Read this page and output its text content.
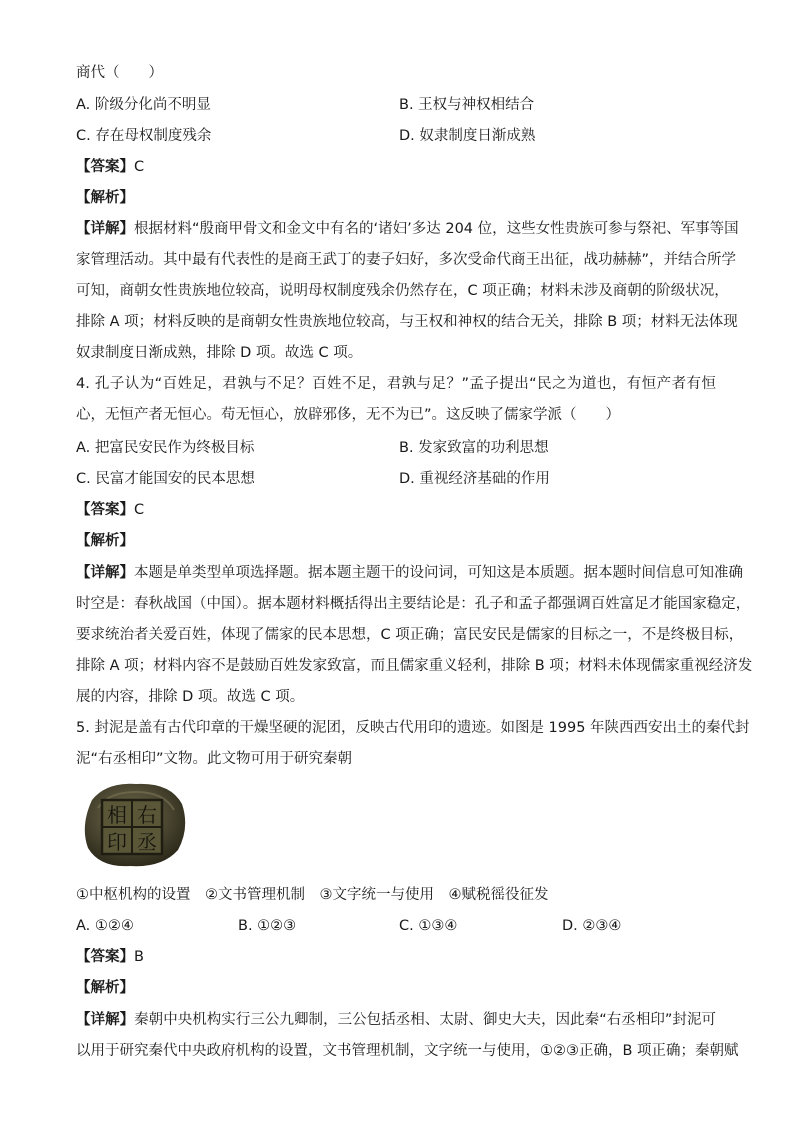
商代（　　）
A. 阶级分化尚不明显	B. 王权与神权相结合
C. 存在母权制度残余	D. 奴隶制度日渐成熟
【答案】C
【解析】
【详解】根据材料“殷商甲骨文和金文中有名的‘诸妇’多达 204 位，这些女性贵族可参与祭祀、军事等国
家管理活动。其中最有代表性的是商王武丁的妻子妇好，多次受命代商王出征，战功赫赫”，并结合所学
可知，商朝女性贵族地位较高，说明母权制度残余仍然存在，C 项正确；材料未涉及商朝的阶级状况，
排除 A 项；材料反映的是商朝女性贵族地位较高，与王权和神权的结合无关，排除 B 项；材料无法体现
奴隶制度日渐成熟，排除 D 项。故选 C 项。
4. 孔子认为“百姓足，君孰与不足？百姓不足，君孰与足？”孟子提出“民之为道也，有恒产者有恒
心，无恒产者无恒心。苟无恒心，放辟邪侈，无不为已”。这反映了儒家学派（　　）
A. 把富民安民作为终极目标	B. 发家致富的功利思想
C. 民富才能国安的民本思想	D. 重视经济基础的作用
【答案】C
【解析】
【详解】本题是单类型单项选择题。据本题主题干的设问词，可知这是本质题。据本题时间信息可知准确
时空是：春秋战国（中国）。据本题材料概括得出主要结论是：孔子和孟子都强调百姓富足才能国家稳定，
要求统治者关爱百姓，体现了儒家的民本思想，C 项正确；富民安民是儒家的目标之一，不是终极目标，
排除 A 项；材料内容不是鼓励百姓发家致富，而且儒家重义轻利，排除 B 项；材料未体现儒家重视经济发
展的内容，排除 D 项。故选 C 项。
5. 封泥是盖有古代印章的干燥坚硬的泥团，反映古代用印的遗迹。如图是 1995 年陕西西安出土的秦代封
泥“右丞相印”文物。此文物可用于研究秦朝
右
丞
相
印
①中枢机构的设置　②文书管理机制　③文字统一与使用　④赋税徭役征发
A. ①②④	B. ①②③	C. ①③④	D. ②③④
【答案】B
【解析】
【详解】秦朝中央机构实行三公九卿制，三公包括丞相、太尉、御史大夫，因此秦“右丞相印”封泥可
以用于研究秦代中央政府机构的设置，文书管理机制，文字统一与使用，①②③正确，B 项正确；秦朝赋
